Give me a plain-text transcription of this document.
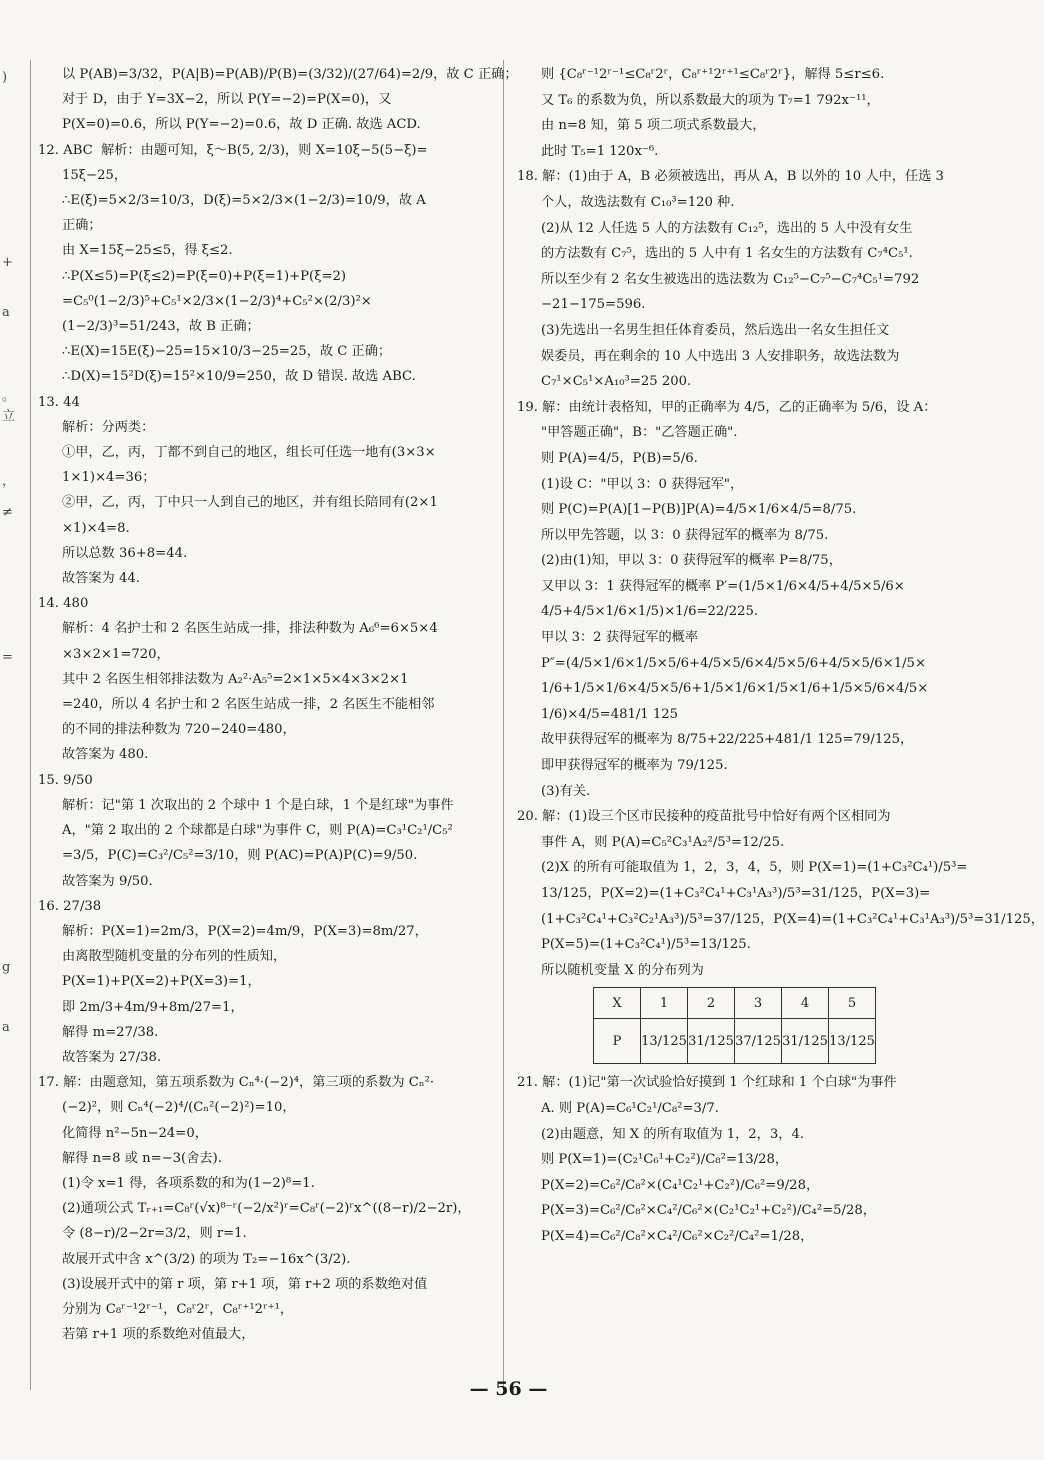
)
+
a
。
立
，
≠
=
g
a
以 P(AB)=3/32，P(A|B)=P(AB)/P(B)=(3/32)/(27/64)=2/9，故 C 正确；
对于 D，由于 Y=3X−2，所以 P(Y=−2)=P(X=0)，又
P(X=0)=0.6，所以 P(Y=−2)=0.6，故 D 正确. 故选 ACD.
12. ABC  解析：由题可知，ξ～B(5, 2/3)，则 X=10ξ−5(5−ξ)=
15ξ−25，
∴E(ξ)=5×2/3=10/3，D(ξ)=5×2/3×(1−2/3)=10/9，故 A
正确；
由 X=15ξ−25≤5，得 ξ≤2.
∴P(X≤5)=P(ξ≤2)=P(ξ=0)+P(ξ=1)+P(ξ=2)
=C₅⁰(1−2/3)⁵+C₅¹×2/3×(1−2/3)⁴+C₅²×(2/3)²×
(1−2/3)³=51/243，故 B 正确；
∴E(X)=15E(ξ)−25=15×10/3−25=25，故 C 正确；
∴D(X)=15²D(ξ)=15²×10/9=250，故 D 错误. 故选 ABC.
13. 44
解析：分两类：
①甲，乙，丙，丁都不到自己的地区，组长可任选一地有(3×3×
1×1)×4=36；
②甲，乙，丙，丁中只一人到自己的地区，并有组长陪同有(2×1
×1)×4=8.
所以总数 36+8=44.
故答案为 44.
14. 480
解析：4 名护士和 2 名医生站成一排，排法种数为 A₆⁶=6×5×4
×3×2×1=720，
其中 2 名医生相邻排法数为 A₂²·A₅⁵=2×1×5×4×3×2×1
=240，所以 4 名护士和 2 名医生站成一排，2 名医生不能相邻
的不同的排法种数为 720−240=480，
故答案为 480.
15. 9/50
解析：记"第 1 次取出的 2 个球中 1 个是白球，1 个是红球"为事件
A，"第 2 取出的 2 个球都是白球"为事件 C，则 P(A)=C₃¹C₂¹/C₅²
=3/5，P(C)=C₃²/C₅²=3/10，则 P(AC)=P(A)P(C)=9/50.
故答案为 9/50.
16. 27/38
解析：P(X=1)=2m/3，P(X=2)=4m/9，P(X=3)=8m/27，
由离散型随机变量的分布列的性质知，
P(X=1)+P(X=2)+P(X=3)=1，
即 2m/3+4m/9+8m/27=1，
解得 m=27/38.
故答案为 27/38.
17. 解：由题意知，第五项系数为 Cₙ⁴·(−2)⁴，第三项的系数为 Cₙ²·
(−2)²，则 Cₙ⁴(−2)⁴/(Cₙ²(−2)²)=10，
化简得 n²−5n−24=0，
解得 n=8 或 n=−3(舍去).
(1)令 x=1 得，各项系数的和为(1−2)⁸=1.
(2)通项公式 Tᵣ₊₁=C₈ʳ(√x)⁸⁻ʳ(−2/x²)ʳ=C₈ʳ(−2)ʳx^((8−r)/2−2r)，
令 (8−r)/2−2r=3/2，则 r=1.
故展开式中含 x^(3/2) 的项为 T₂=−16x^(3/2).
(3)设展开式中的第 r 项，第 r+1 项，第 r+2 项的系数绝对值
分别为 C₈ʳ⁻¹2ʳ⁻¹，C₈ʳ2ʳ，C₈ʳ⁺¹2ʳ⁺¹，
若第 r+1 项的系数绝对值最大，
则 {C₈ʳ⁻¹2ʳ⁻¹≤C₈ʳ2ʳ，C₈ʳ⁺¹2ʳ⁺¹≤C₈ʳ2ʳ}，解得 5≤r≤6.
又 T₆ 的系数为负，所以系数最大的项为 T₇=1 792x⁻¹¹，
由 n=8 知，第 5 项二项式系数最大，
此时 T₅=1 120x⁻⁶.
18. 解：(1)由于 A，B 必须被选出，再从 A，B 以外的 10 人中，任选 3
个人，故选法数有 C₁₀³=120 种.
(2)从 12 人任选 5 人的方法数有 C₁₂⁵，选出的 5 人中没有女生
的方法数有 C₇⁵，选出的 5 人中有 1 名女生的方法数有 C₇⁴C₅¹.
所以至少有 2 名女生被选出的选法数为 C₁₂⁵−C₇⁵−C₇⁴C₅¹=792
−21−175=596.
(3)先选出一名男生担任体育委员，然后选出一名女生担任文
娱委员，再在剩余的 10 人中选出 3 人安排职务，故选法数为
C₇¹×C₅¹×A₁₀³=25 200.
19. 解：由统计表格知，甲的正确率为 4/5，乙的正确率为 5/6，设 A：
"甲答题正确"，B："乙答题正确".
则 P(A)=4/5，P(B)=5/6.
(1)设 C："甲以 3：0 获得冠军"，
则 P(C)=P(A)[1−P(B)]P(A)=4/5×1/6×4/5=8/75.
所以甲先答题，以 3：0 获得冠军的概率为 8/75.
(2)由(1)知，甲以 3：0 获得冠军的概率 P=8/75，
又甲以 3：1 获得冠军的概率 P′=(1/5×1/6×4/5+4/5×5/6×
4/5+4/5×1/6×1/5)×1/6=22/225.
甲以 3：2 获得冠军的概率
P″=(4/5×1/6×1/5×5/6+4/5×5/6×4/5×5/6+4/5×5/6×1/5×
1/6+1/5×1/6×4/5×5/6+1/5×1/6×1/5×1/6+1/5×5/6×4/5×
1/6)×4/5=481/1 125
故甲获得冠军的概率为 8/75+22/225+481/1 125=79/125，
即甲获得冠军的概率为 79/125.
(3)有关.
20. 解：(1)设三个区市民接种的疫苗批号中恰好有两个区相同为
事件 A，则 P(A)=C₅²C₃¹A₂²/5³=12/25.
(2)X 的所有可能取值为 1，2，3，4，5，则 P(X=1)=(1+C₃²C₄¹)/5³=
13/125，P(X=2)=(1+C₃²C₄¹+C₃¹A₃³)/5³=31/125，P(X=3)=
(1+C₃²C₄¹+C₃²C₂¹A₃³)/5³=37/125，P(X=4)=(1+C₃²C₄¹+C₃¹A₃³)/5³=31/125，
P(X=5)=(1+C₃²C₄¹)/5³=13/125.
所以随机变量 X 的分布列为
X	1	2	3	4	5
P	13/125	31/125	37/125	31/125	13/125
21. 解：(1)记"第一次试验恰好摸到 1 个红球和 1 个白球"为事件
A. 则 P(A)=C₆¹C₂¹/C₈²=3/7.
(2)由题意，知 X 的所有取值为 1，2，3，4.
则 P(X=1)=(C₂¹C₆¹+C₂²)/C₈²=13/28，
P(X=2)=C₆²/C₈²×(C₄¹C₂¹+C₂²)/C₆²=9/28，
P(X=3)=C₆²/C₈²×C₄²/C₆²×(C₂¹C₂¹+C₂²)/C₄²=5/28，
P(X=4)=C₆²/C₈²×C₄²/C₆²×C₂²/C₄²=1/28，
— 56 —
